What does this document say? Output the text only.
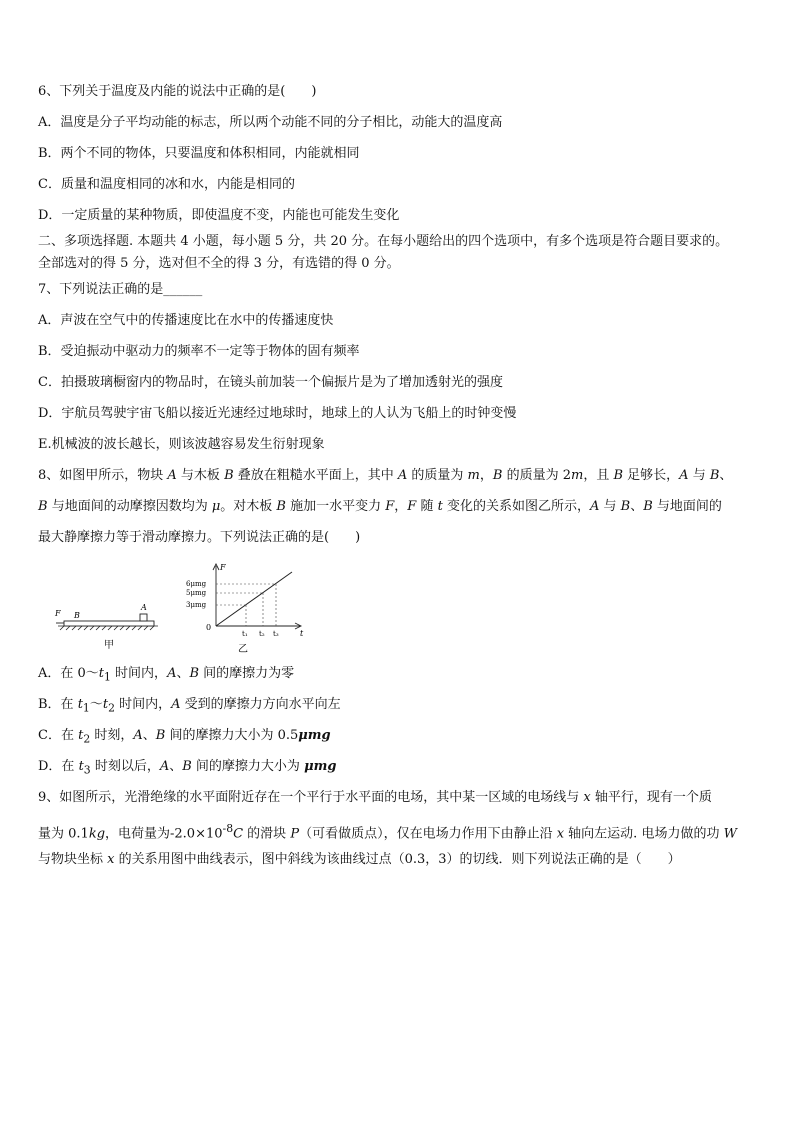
6、下列关于温度及内能的说法中正确的是(　　)
A．温度是分子平均动能的标志，所以两个动能不同的分子相比，动能大的温度高
B．两个不同的物体，只要温度和体积相同，内能就相同
C．质量和温度相同的冰和水，内能是相同的
D．一定质量的某种物质，即使温度不变，内能也可能发生变化
二、多项选择题. 本题共 4 小题，每小题 5 分，共 20 分。在每小题给出的四个选项中，有多个选项是符合题目要求的。
全部选对的得 5 分，选对但不全的得 3 分，有选错的得 0 分。
7、下列说法正确的是______
A．声波在空气中的传播速度比在水中的传播速度快
B．受迫振动中驱动力的频率不一定等于物体的固有频率
C．拍摄玻璃橱窗内的物品时，在镜头前加装一个偏振片是为了增加透射光的强度
D．宇航员驾驶宇宙飞船以接近光速经过地球时，地球上的人认为飞船上的时钟变慢
E.机械波的波长越长，则该波越容易发生衍射现象
8、如图甲所示，物块 A 与木板 B 叠放在粗糙水平面上，其中 A 的质量为 m，B 的质量为 2m，且 B 足够长，A 与 B、
B 与地面间的动摩擦因数均为 μ。对木板 B 施加一水平变力 F，F 随 t 变化的关系如图乙所示，A 与 B、B 与地面间的
最大静摩擦力等于滑动摩擦力。下列说法正确的是(　　)
F B
A
甲
F
t
0
6μmg
5μmg
3μmg
t₁ t₂ t₃
乙
A．在 $0\sim t_1$ 时间内，A、B 间的摩擦力为零
B．在 $t_1\sim t_2$ 时间内，A 受到的摩擦力方向水平向左
C．在 $t_2$ 时刻，A、B 间的摩擦力大小为 0.5μmg
D．在 $t_3$ 时刻以后，A、B 间的摩擦力大小为 μmg
9、如图所示，光滑绝缘的水平面附近存在一个平行于水平面的电场，其中某一区域的电场线与 x 轴平行，现有一个质
量为 0.1kg，电荷量为$-2.0\times 10^{-8}C$ 的滑块 P（可看做质点），仅在电场力作用下由静止沿 x 轴向左运动. 电场力做的功 W
与物块坐标 x 的关系用图中曲线表示，图中斜线为该曲线过点（0.3，3）的切线．则下列说法正确的是（　　）
